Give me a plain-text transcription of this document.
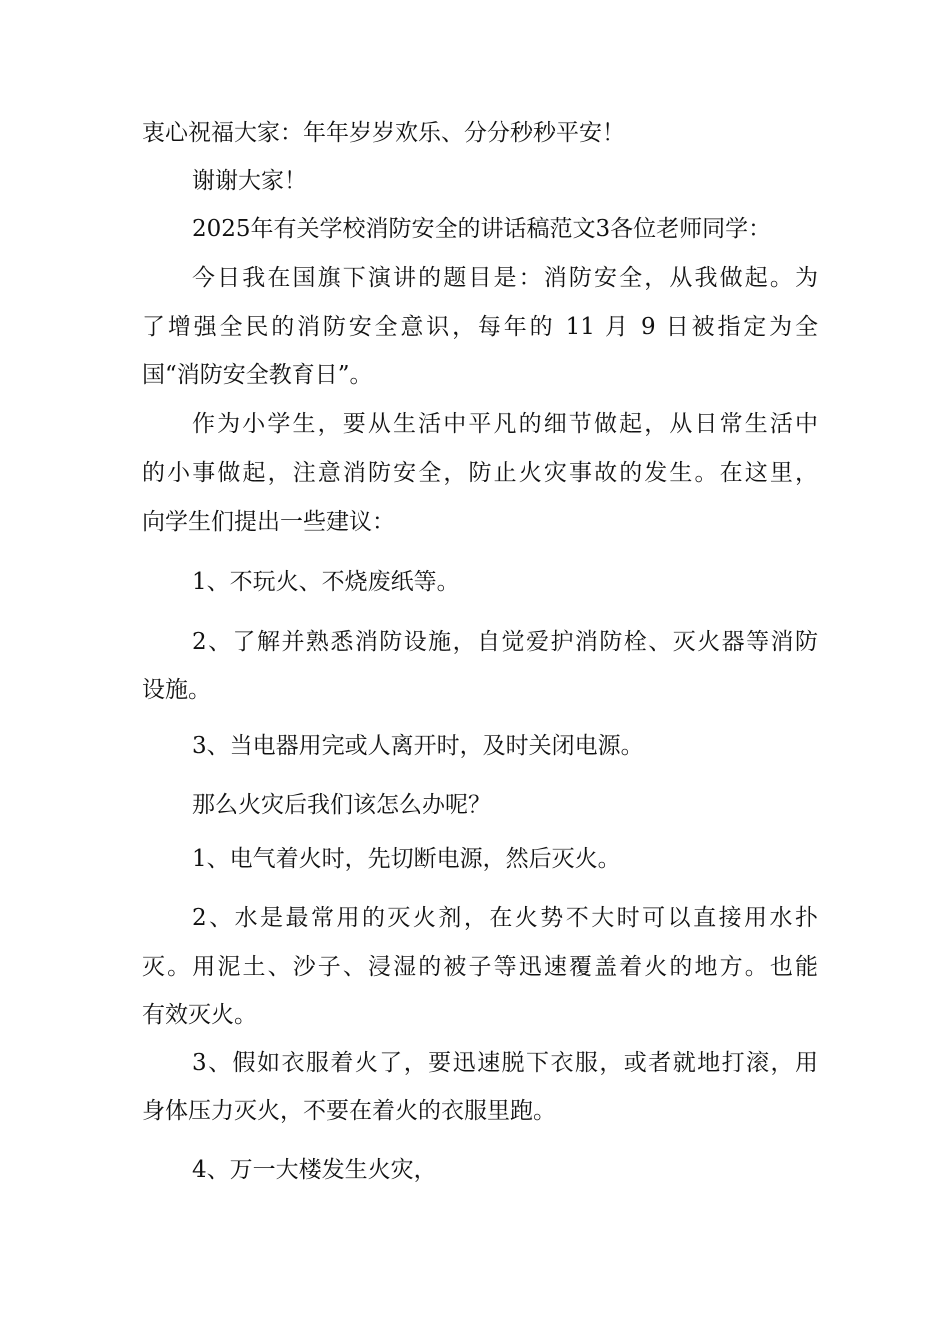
衷心祝福大家：年年岁岁欢乐、分分秒秒平安！
谢谢大家！
2025年有关学校消防安全的讲话稿范文3各位老师同学：
今日我在国旗下演讲的题目是：消防安全，从我做起。为
了增强全民的消防安全意识，每年的 11 月 9 日被指定为全
国“消防安全教育日”。
作为小学生，要从生活中平凡的细节做起，从日常生活中
的小事做起，注意消防安全，防止火灾事故的发生。在这里，
向学生们提出一些建议：
1、不玩火、不烧废纸等。
2、了解并熟悉消防设施，自觉爱护消防栓、灭火器等消防
设施。
3、当电器用完或人离开时，及时关闭电源。
那么火灾后我们该怎么办呢？
1、电气着火时，先切断电源，然后灭火。
2、水是最常用的灭火剂，在火势不大时可以直接用水扑
灭。用泥土、沙子、浸湿的被子等迅速覆盖着火的地方。也能
有效灭火。
3、假如衣服着火了，要迅速脱下衣服，或者就地打滚，用
身体压力灭火，不要在着火的衣服里跑。
4、万一大楼发生火灾，
